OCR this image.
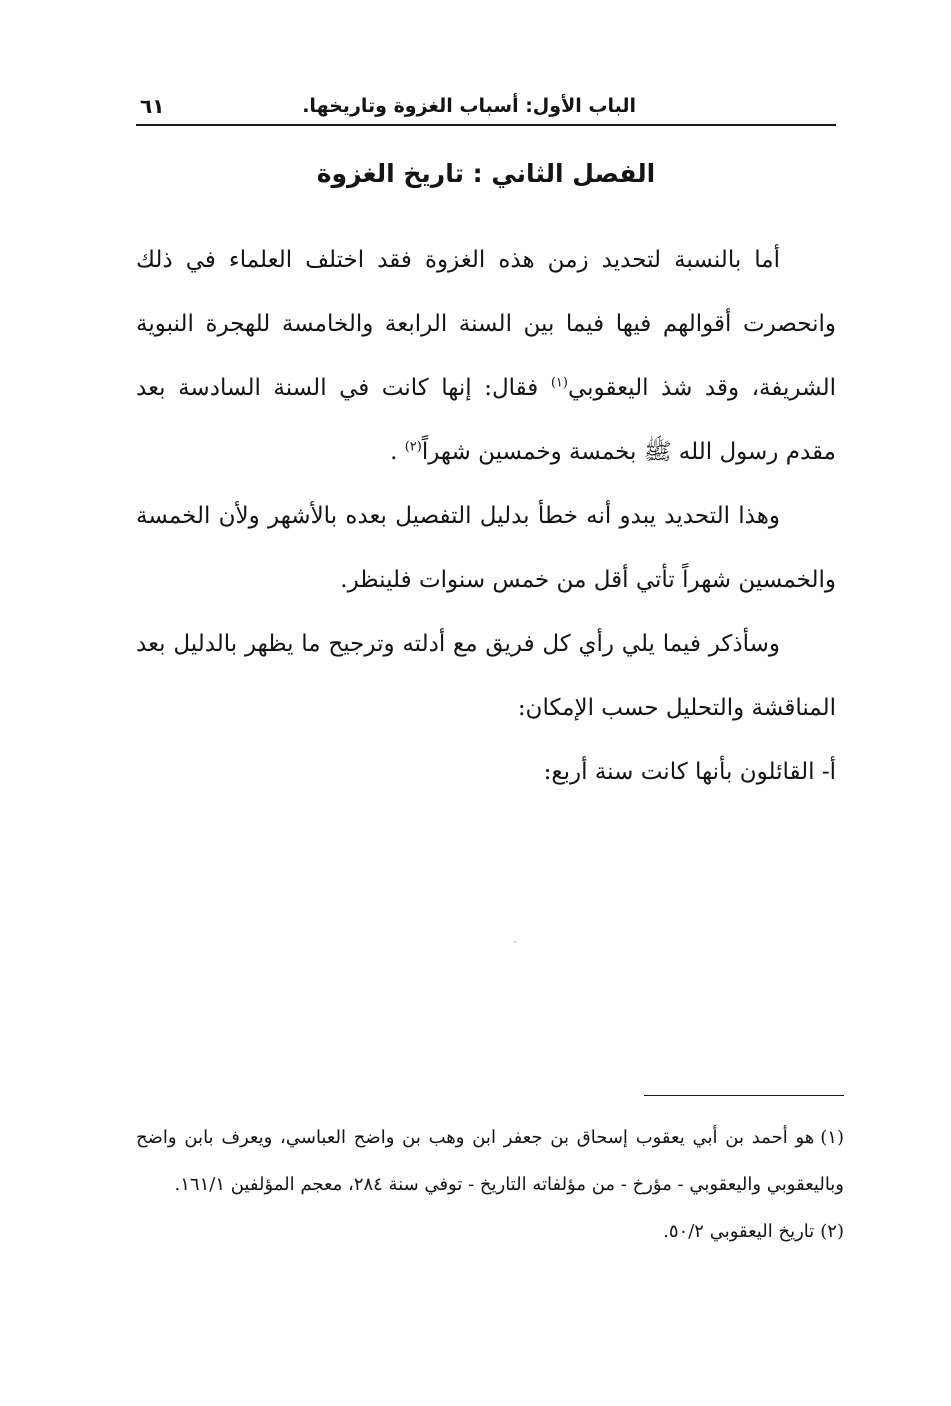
الباب الأول: أسباب الغزوة وتاريخها.
٦١
الفصل الثاني : تاريخ الغزوة

أما بالنسبة لتحديد زمن هذه الغزوة فقد اختلف العلماء في ذلك وانحصرت أقوالهم فيها فيما بين السنة الرابعة والخامسة للهجرة النبوية الشريفة، وقد شذ اليعقوبي$^{(١)}$ فقال: إنها كانت في السنة السادسة بعد مقدم رسول الله ﷺ بخمسة وخمسين شهراً$^{(٢)}$ .

وهذا التحديد يبدو أنه خطأ بدليل التفصيل بعده بالأشهر ولأن الخمسة والخمسين شهراً تأتي أقل من خمس سنوات فلينظر.

وسأذكر فيما يلي رأي كل فريق مع أدلته وترجيح ما يظهر بالدليل بعد المناقشة والتحليل حسب الإمكان:

أ- القائلون بأنها كانت سنة أربع:

(١)هو أحمد بن أبي يعقوب إسحاق بن جعفر ابن وهب بن واضح العباسي، ويعرف بابن واضح وباليعقوبي واليعقوبي - مؤرخ - من مؤلفاته التاريخ - توفي سنة ٢٨٤، معجم المؤلفين ١٦١/١.

(٢)تاريخ اليعقوبي ٥٠/٢.
